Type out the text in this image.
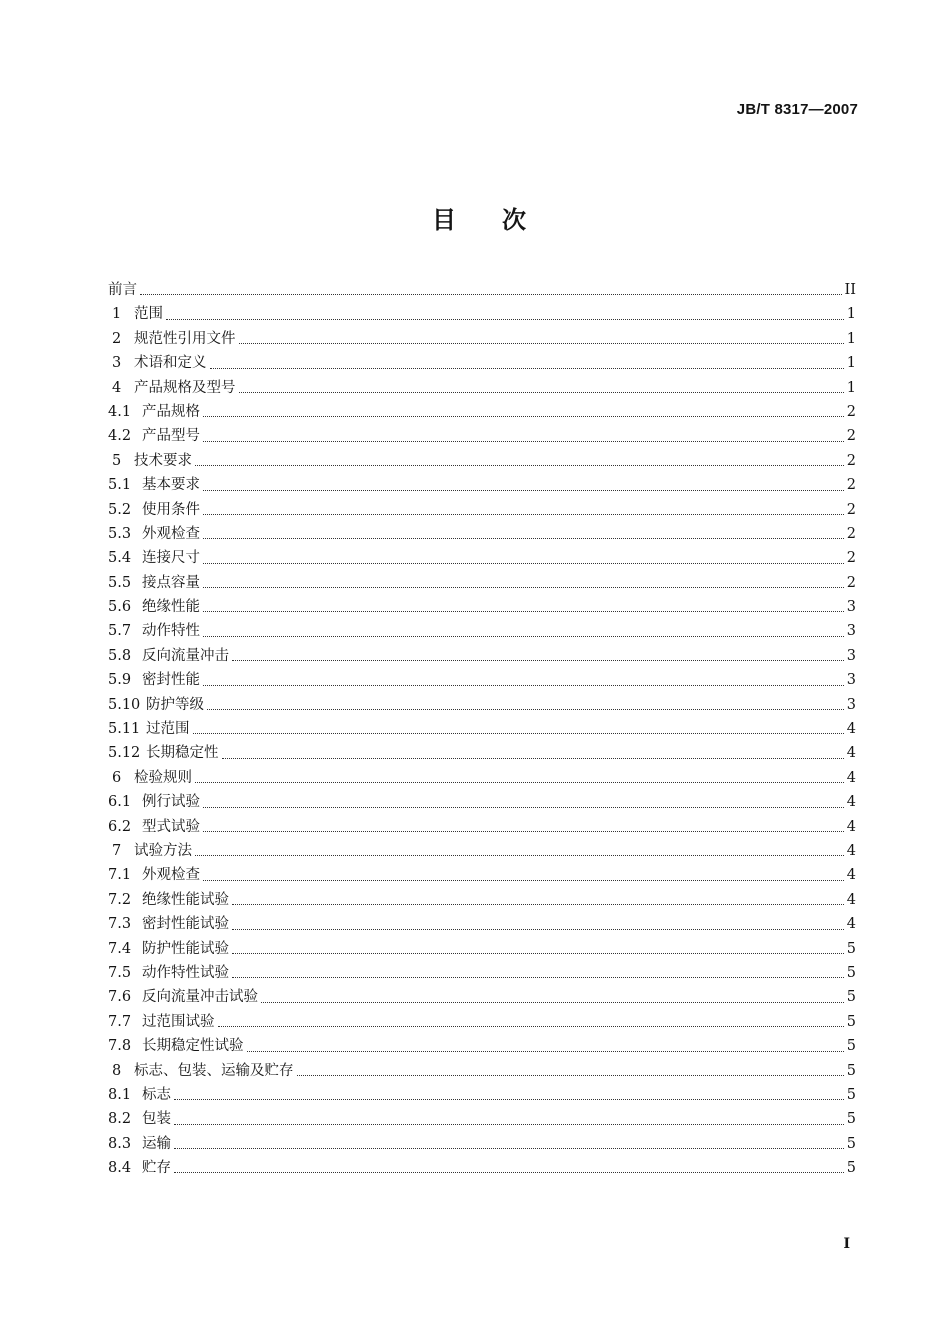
JB/T 8317—2007
目 次
前言	II
1 范围	1
2 规范性引用文件	1
3 术语和定义	1
4 产品规格及型号	1
4.1 产品规格	2
4.2 产品型号	2
5 技术要求	2
5.1 基本要求	2
5.2 使用条件	2
5.3 外观检查	2
5.4 连接尺寸	2
5.5 接点容量	2
5.6 绝缘性能	3
5.7 动作特性	3
5.8 反向流量冲击	3
5.9 密封性能	3
5.10 防护等级	3
5.11 过范围	4
5.12 长期稳定性	4
6 检验规则	4
6.1 例行试验	4
6.2 型式试验	4
7 试验方法	4
7.1 外观检查	4
7.2 绝缘性能试验	4
7.3 密封性能试验	4
7.4 防护性能试验	5
7.5 动作特性试验	5
7.6 反向流量冲击试验	5
7.7 过范围试验	5
7.8 长期稳定性试验	5
8 标志、包装、运输及贮存	5
8.1 标志	5
8.2 包装	5
8.3 运输	5
8.4 贮存	5
I
